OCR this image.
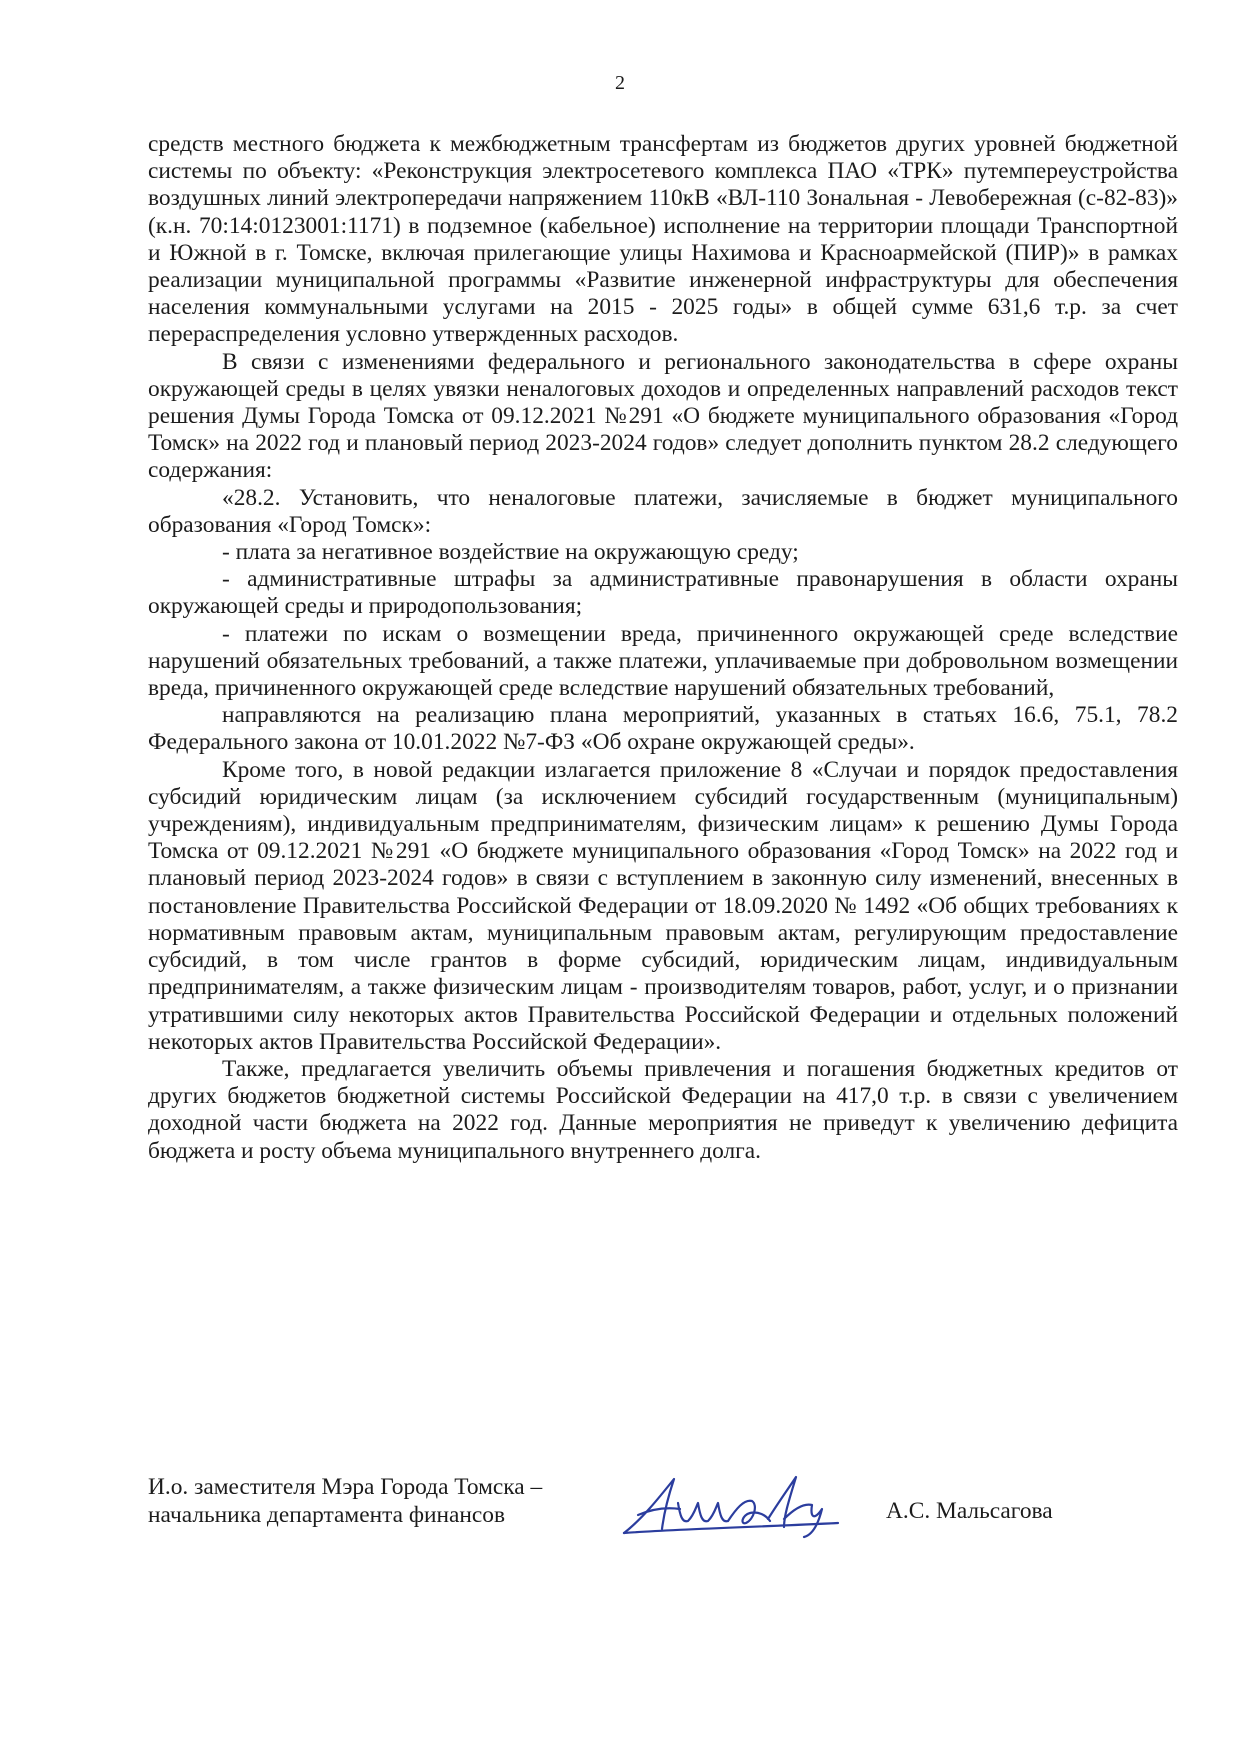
2

средств местного бюджета к межбюджетным трансфертам из бюджетов других уровней бюджетной системы по объекту: «Реконструкция электросетевого комплекса ПАО «ТРК» путемпереустройства воздушных линий электропередачи напряжением 110кВ «ВЛ-110 Зональная - Левобережная (с-82-83)» (к.н. 70:14:0123001:1171) в подземное (кабельное) исполнение на территории площади Транспортной и Южной в г. Томске, включая прилегающие улицы Нахимова и Красноармейской (ПИР)» в рамках реализации муниципальной программы «Развитие инженерной инфраструктуры для обеспечения населения коммунальными услугами на 2015 - 2025 годы» в общей сумме 631,6 т.р. за счет перераспределения условно утвержденных расходов.

В связи с изменениями федерального и регионального законодательства в сфере охраны окружающей среды в целях увязки неналоговых доходов и определенных направлений расходов текст решения Думы Города Томска от 09.12.2021 №291 «О бюджете муниципального образования «Город Томск» на 2022 год и плановый период 2023-2024 годов» следует дополнить пунктом 28.2 следующего содержания:

«28.2. Установить, что неналоговые платежи, зачисляемые в бюджет муниципального образования «Город Томск»:

- плата за негативное воздействие на окружающую среду;

- административные штрафы за административные правонарушения в области охраны окружающей среды и природопользования;

- платежи по искам о возмещении вреда, причиненного окружающей среде вследствие нарушений обязательных требований, а также платежи, уплачиваемые при добровольном возмещении вреда, причиненного окружающей среде вследствие нарушений обязательных требований,

направляются на реализацию плана мероприятий, указанных в статьях 16.6, 75.1, 78.2 Федерального закона от 10.01.2022 №7-ФЗ «Об охране окружающей среды».

Кроме того, в новой редакции излагается приложение 8 «Случаи и порядок предоставления субсидий юридическим лицам (за исключением субсидий государственным (муниципальным) учреждениям), индивидуальным предпринимателям, физическим лицам» к решению Думы Города Томска от 09.12.2021 №291 «О бюджете муниципального образования «Город Томск» на 2022 год и плановый период 2023-2024 годов» в связи с вступлением в законную силу изменений, внесенных в постановление Правительства Российской Федерации от 18.09.2020 № 1492 «Об общих требованиях к нормативным правовым актам, муниципальным правовым актам, регулирующим предоставление субсидий, в том числе грантов в форме субсидий, юридическим лицам, индивидуальным предпринимателям, а также физическим лицам - производителям товаров, работ, услуг, и о признании утратившими силу некоторых актов Правительства Российской Федерации и отдельных положений некоторых актов Правительства Российской Федерации».

Также, предлагается увеличить объемы привлечения и погашения бюджетных кредитов от других бюджетов бюджетной системы Российской Федерации на 417,0 т.р. в связи с увеличением доходной части бюджета на 2022 год. Данные мероприятия не приведут к увеличению дефицита бюджета и росту объема муниципального внутреннего долга.

И.о. заместителя Мэра Города Томска –
начальника департамента финансов	А.С. Мальсагова
